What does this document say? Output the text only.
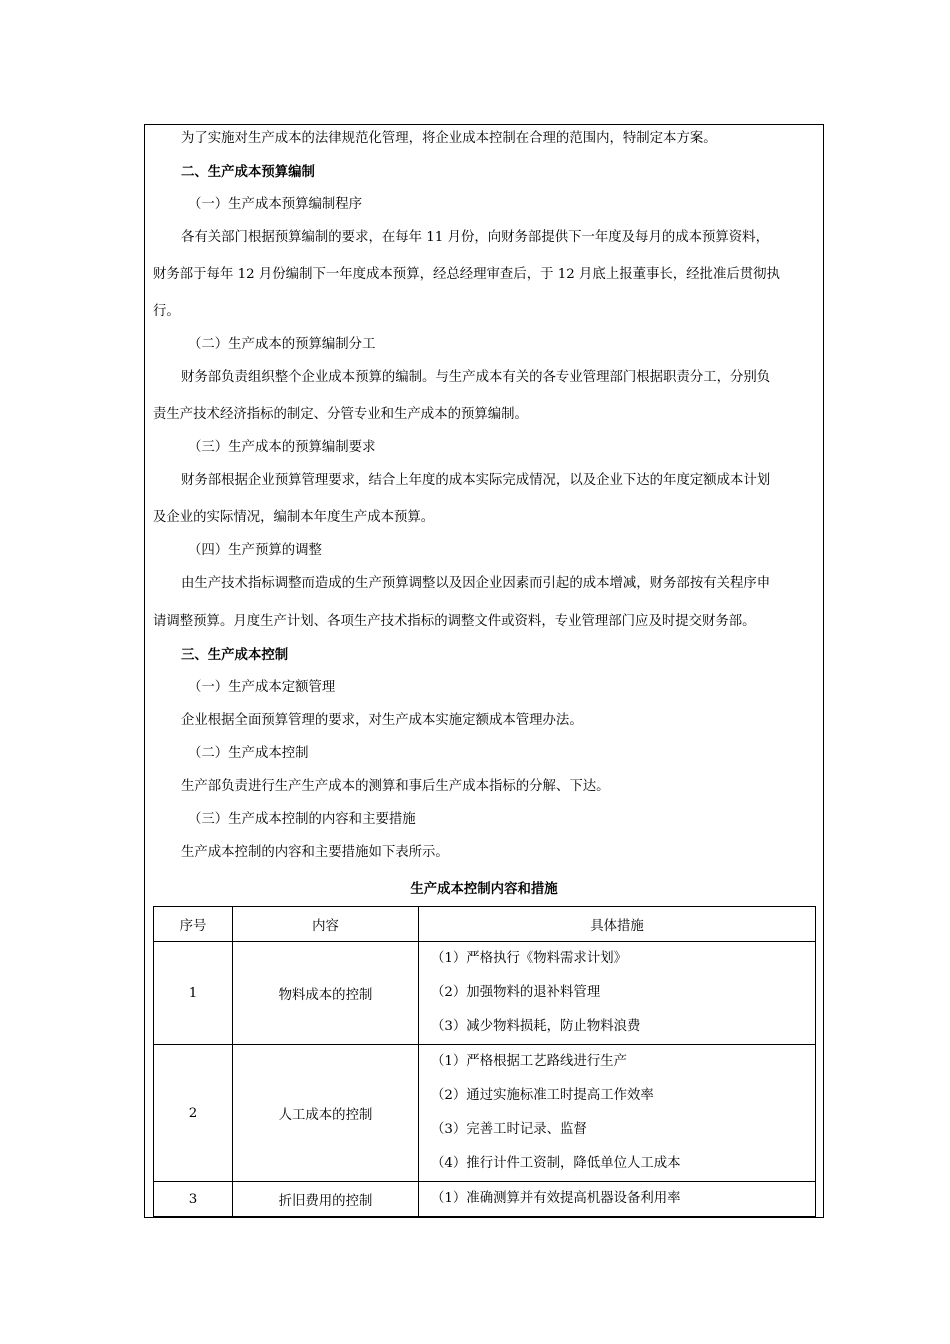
为了实施对生产成本的法律规范化管理，将企业成本控制在合理的范围内，特制定本方案。
二、生产成本预算编制
（一）生产成本预算编制程序
各有关部门根据预算编制的要求，在每年 11 月份，向财务部提供下一年度及每月的成本预算资料，
财务部于每年 12 月份编制下一年度成本预算，经总经理审查后，于 12 月底上报董事长，经批准后贯彻执
行。
（二）生产成本的预算编制分工
财务部负责组织整个企业成本预算的编制。与生产成本有关的各专业管理部门根据职责分工，分别负
责生产技术经济指标的制定、分管专业和生产成本的预算编制。
（三）生产成本的预算编制要求
财务部根据企业预算管理要求，结合上年度的成本实际完成情况，以及企业下达的年度定额成本计划
及企业的实际情况，编制本年度生产成本预算。
（四）生产预算的调整
由生产技术指标调整而造成的生产预算调整以及因企业因素而引起的成本增减，财务部按有关程序申
请调整预算。月度生产计划、各项生产技术指标的调整文件或资料，专业管理部门应及时提交财务部。
三、生产成本控制
（一）生产成本定额管理
企业根据全面预算管理的要求，对生产成本实施定额成本管理办法。
（二）生产成本控制
生产部负责进行生产生产成本的测算和事后生产成本指标的分解、下达。
（三）生产成本控制的内容和主要措施
生产成本控制的内容和主要措施如下表所示。
生产成本控制内容和措施
序号	内容	具体措施
1	物料成本的控制	（1）严格执行《物料需求计划》
（2）加强物料的退补料管理
（3）减少物料损耗，防止物料浪费

2	人工成本的控制	（1）严格根据工艺路线进行生产
（2）通过实施标准工时提高工作效率
（3）完善工时记录、监督
（4）推行计件工资制，降低单位人工成本

3	折旧费用的控制	（1）准确测算并有效提高机器设备利用率
